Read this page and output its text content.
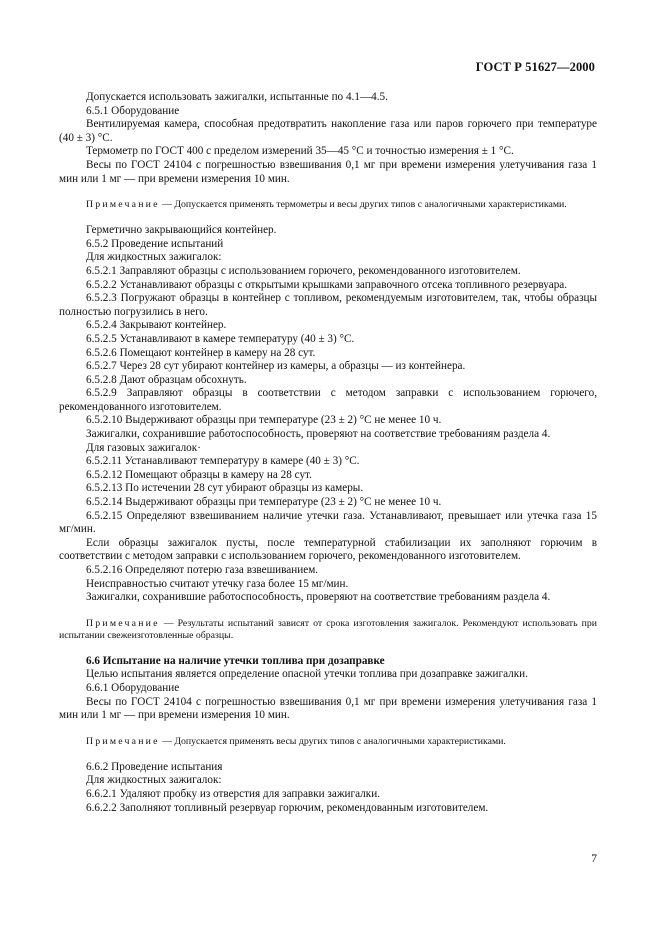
ГОСТ Р 51627—2000

Допускается использовать зажигалки, испытанные по 4.1—4.5.

6.5.1 Оборудование

Вентилируемая камера, способная предотвратить накопление газа или паров горючего при температуре (40 ± 3) °С.

Термометр по ГОСТ 400 с пределом измерений 35—45 °С и точностью измерения ± 1 °С.

Весы по ГОСТ 24104 с погрешностью взвешивания 0,1 мг при времени измерения улетучивания газа 1 мин или 1 мг — при времени измерения 10 мин.

Примечание — Допускается применять термометры и весы других типов с аналогичными характеристиками.

Герметично закрывающийся контейнер.

6.5.2 Проведение испытаний

Для жидкостных зажигалок:

6.5.2.1 Заправляют образцы с использованием горючего, рекомендованного изготовителем.

6.5.2.2 Устанавливают образцы с открытыми крышками заправочного отсека топливного резервуара.

6.5.2.3 Погружают образцы в контейнер с топливом, рекомендуемым изготовителем, так, чтобы образцы полностью погрузились в него.

6.5.2.4 Закрывают контейнер.

6.5.2.5 Устанавливают в камере температуру (40 ± 3) °С.

6.5.2.6 Помещают контейнер в камеру на 28 сут.

6.5.2.7 Через 28 сут убирают контейнер из камеры, а образцы — из контейнера.

6.5.2.8 Дают образцам обсохнуть.

6.5.2.9 Заправляют образцы в соответствии с методом заправки с использованием горючего, рекомендованного изготовителем.

6.5.2.10 Выдерживают образцы при температуре (23 ± 2) °С не менее 10 ч.

Зажигалки, сохранившие работоспособность, проверяют на соответствие требованиям раздела 4.

Для газовых зажигалок·

6.5.2.11 Устанавливают температуру в камере (40 ± 3) °С.

6.5.2.12 Помещают образцы в камеру на 28 сут.

6.5.2.13 По истечении 28 сут убирают образцы из камеры.

6.5.2.14 Выдерживают образцы при температуре (23 ± 2) °С не менее 10 ч.

6.5.2.15 Определяют взвешиванием наличие утечки газа. Устанавливают, превышает или утечка газа 15 мг/мин.

Если образцы зажигалок пусты, после температурной стабилизации их заполняют горючим в соответствии с методом заправки с использованием горючего, рекомендованного изготовителем.

6.5.2.16 Определяют потерю газа взвешиванием.

Неисправностью считают утечку газа более 15 мг/мин.

Зажигалки, сохранившие работоспособность, проверяют на соответствие требованиям раздела 4.

Примечание — Результаты испытаний зависят от срока изготовления зажигалок. Рекомендуют использовать при испытании свежеизготовленные образцы.

6.6 Испытание на наличие утечки топлива при дозаправке

Целью испытания является определение опасной утечки топлива при дозаправке зажигалки.

6.6.1 Оборудование

Весы по ГОСТ 24104 с погрешностью взвешивания 0,1 мг при времени измерения улетучивания газа 1 мин или 1 мг — при времени измерения 10 мин.

Примечание — Допускается применять весы других типов с аналогичными характеристиками.

6.6.2 Проведение испытания

Для жидкостных зажигалок:

6.6.2.1 Удаляют пробку из отверстия для заправки зажигалки.

6.6.2.2 Заполняют топливный резервуар горючим, рекомендованным изготовителем.

7
